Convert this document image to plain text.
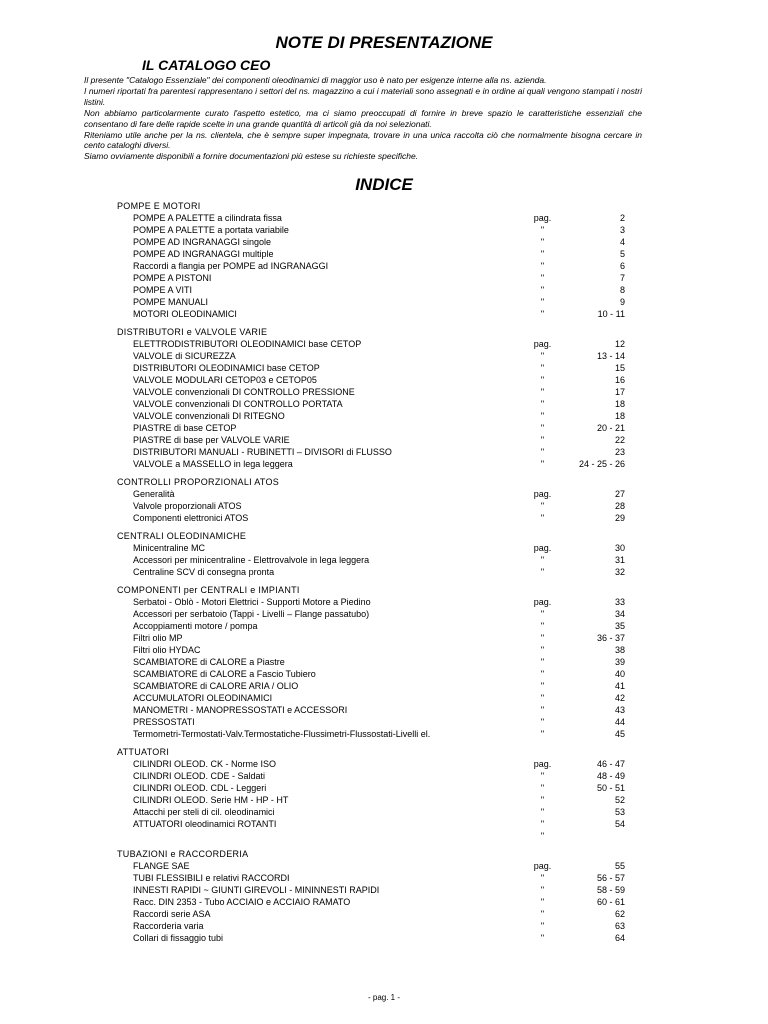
NOTE DI PRESENTAZIONE
IL CATALOGO CEO

Il presente "Catalogo Essenziale" dei componenti oleodinamici di maggior uso è nato per esigenze interne alla ns. azienda.

I numeri riportati fra parentesi rappresentano i settori del ns. magazzino a cui i materiali sono assegnati e in ordine ai quali vengono stampati i nostri listini.

Non abbiamo particolarmente curato l'aspetto estetico, ma ci siamo preoccupati di fornire in breve spazio le caratteristiche essenziali che consentano di fare delle rapide scelte in una grande quantità di articoli già da noi selezionati.

Riteniamo utile anche per la ns. clientela, che è sempre super impegnata, trovare in una unica raccolta ciò che normalmente bisogna cercare in cento cataloghi diversi.

Siamo ovviamente disponibili a fornire documentazioni più estese su richieste specifiche.

INDICE
POMPE E MOTORI
POMPE A PALETTE a cilindrata fissa	pag.	2
POMPE A PALETTE a portata variabile	"	3
POMPE AD INGRANAGGI singole	"	4
POMPE AD INGRANAGGI multiple	"	5
Raccordi a flangia per POMPE ad INGRANAGGI	"	6
POMPE A PISTONI	"	7
POMPE A VITI	"	8
POMPE MANUALI	"	9
MOTORI OLEODINAMICI	"	10 - 11
DISTRIBUTORI e VALVOLE VARIE
ELETTRODISTRIBUTORI OLEODINAMICI base CETOP	pag.	12
VALVOLE di SICUREZZA	"	13 - 14
DISTRIBUTORI OLEODINAMICI base CETOP	"	15
VALVOLE MODULARI CETOP03 e CETOP05	"	16
VALVOLE convenzionali DI CONTROLLO PRESSIONE	"	17
VALVOLE convenzionali DI CONTROLLO PORTATA	"	18
VALVOLE convenzionali DI RITEGNO	"	18
PIASTRE di base CETOP	"	20 - 21
PIASTRE di base per VALVOLE VARIE	"	22
DISTRIBUTORI MANUALI - RUBINETTI – DIVISORI di FLUSSO	"	23
VALVOLE a MASSELLO in lega leggera	"	24 - 25 - 26
CONTROLLI PROPORZIONALI ATOS
Generalità	pag.	27
Valvole proporzionali ATOS	"	28
Componenti elettronici ATOS	"	29
CENTRALI OLEODINAMICHE
Minicentraline MC	pag.	30
Accessori per minicentraline - Elettrovalvole in lega leggera	"	31
Centraline SCV di consegna pronta	"	32
COMPONENTI per CENTRALI e IMPIANTI
Serbatoi - Oblò - Motori Elettrici - Supporti Motore a Piedino	pag.	33
Accessori per serbatoio (Tappi - Livelli – Flange passatubo)	"	34
Accoppiamenti motore / pompa	"	35
Filtri olio MP	"	36 - 37
Filtri olio HYDAC	"	38
SCAMBIATORE di CALORE a Piastre	"	39
SCAMBIATORE di CALORE a Fascio Tubiero	"	40
SCAMBIATORE di CALORE ARIA / OLIO	"	41
ACCUMULATORI OLEODINAMICI	"	42
MANOMETRI - MANOPRESSOSTATI e ACCESSORI	"	43
PRESSOSTATI	"	44
Termometri-Termostati-Valv.Termostatiche-Flussimetri-Flussostati-Livelli el.	"	45
ATTUATORI
CILINDRI OLEOD. CK - Norme ISO	pag.	46 - 47
CILINDRI OLEOD. CDE - Saldati	"	48 - 49
CILINDRI OLEOD. CDL - Leggeri	"	50 - 51
CILINDRI OLEOD. Serie HM - HP - HT	"	52
Attacchi per steli di cil. oleodinamici	"	53
ATTUATORI oleodinamici ROTANTI	"	54
"
TUBAZIONI e RACCORDERIA
FLANGE SAE	pag.	55
TUBI FLESSIBILI e relativi RACCORDI	"	56 - 57
INNESTI RAPIDI ~ GIUNTI GIREVOLI - MININNESTI RAPIDI	"	58 - 59
Racc. DIN 2353 - Tubo ACCIAIO e ACCIAIO RAMATO	"	60 - 61
Raccordi serie ASA	"	62
Raccorderia varia	"	63
Collari di fissaggio tubi	"	64
- pag. 1 -
